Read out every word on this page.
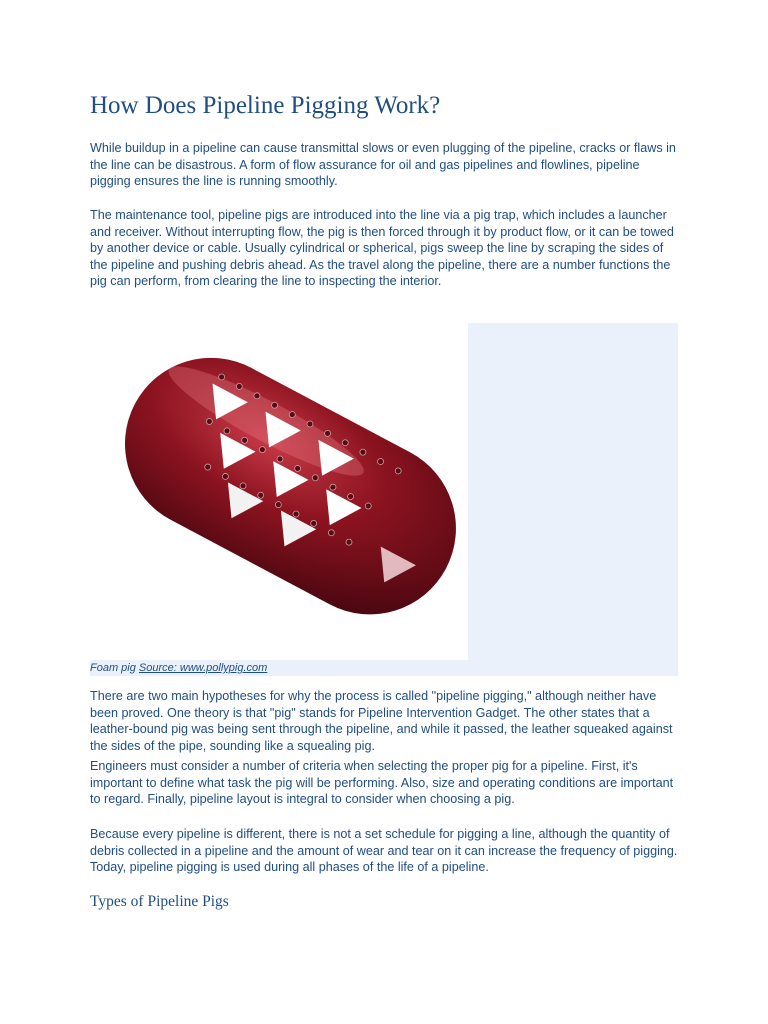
How Does Pipeline Pigging Work?

While buildup in a pipeline can cause transmittal slows or even plugging of the pipeline, cracks or flaws in the line can be disastrous. A form of flow assurance for oil and gas pipelines and flowlines, pipeline pigging ensures the line is running smoothly.

The maintenance tool, pipeline pigs are introduced into the line via a pig trap, which includes a launcher and receiver. Without interrupting flow, the pig is then forced through it by product flow, or it can be towed by another device or cable. Usually cylindrical or spherical, pigs sweep the line by scraping the sides of the pipeline and pushing debris ahead. As the travel along the pipeline, there are a number functions the pig can perform, from clearing the line to inspecting the interior.

Foam pig Source: www.pollypig.com

There are two main hypotheses for why the process is called "pipeline pigging," although neither have been proved. One theory is that "pig" stands for Pipeline Intervention Gadget. The other states that a leather-bound pig was being sent through the pipeline, and while it passed, the leather squeaked against the sides of the pipe, sounding like a squealing pig.

Engineers must consider a number of criteria when selecting the proper pig for a pipeline. First, it's important to define what task the pig will be performing. Also, size and operating conditions are important to regard. Finally, pipeline layout is integral to consider when choosing a pig.

Because every pipeline is different, there is not a set schedule for pigging a line, although the quantity of debris collected in a pipeline and the amount of wear and tear on it can increase the frequency of pigging. Today, pipeline pigging is used during all phases of the life of a pipeline.

Types of Pipeline Pigs
